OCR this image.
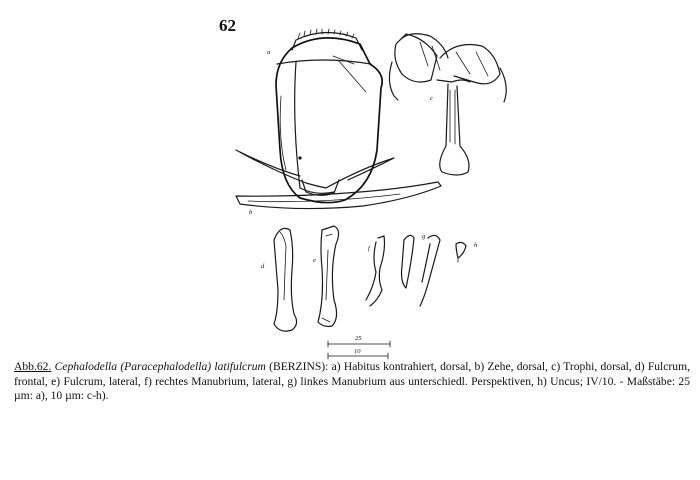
62
a
b
c
d
e
f
g
h
25
10
Abb.62. Cephalodella (Paracephalodella) latifulcrum (BERZINS): a) Habitus kontrahiert, dorsal, b) Zehe, dorsal, c) Trophi, dorsal, d) Fulcrum, frontal, e) Fulcrum, lateral, f) rechtes Manubrium, lateral, g) linkes Manubrium aus unterschiedl. Perspektiven, h) Uncus; IV/10. - Maßstäbe: 25 µm: a), 10 µm: c-h).
